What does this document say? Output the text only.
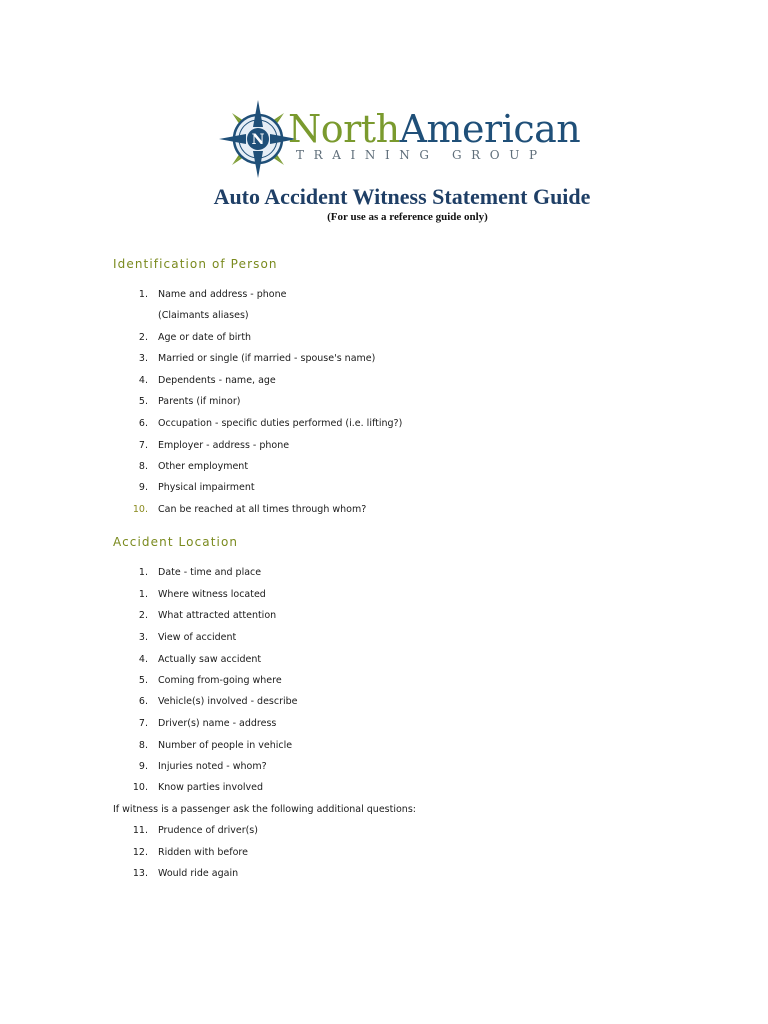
N NorthAmerican
TRAINING GROUP
Auto Accident Witness Statement Guide
(For use as a reference guide only)
Identification of Person
1. Name and address - phone
(Claimants aliases)
2. Age or date of birth
3. Married or single (if married - spouse's name)
4. Dependents - name, age
5. Parents (if minor)
6. Occupation - specific duties performed (i.e. lifting?)
7. Employer - address - phone
8. Other employment
9. Physical impairment
10. Can be reached at all times through whom?
Accident Location
1. Date - time and place
1. Where witness located
2. What attracted attention
3. View of accident
4. Actually saw accident
5. Coming from-going where
6. Vehicle(s) involved - describe
7. Driver(s) name - address
8. Number of people in vehicle
9. Injuries noted - whom?
10. Know parties involved
If witness is a passenger ask the following additional questions:
11. Prudence of driver(s)
12. Ridden with before
13. Would ride again
